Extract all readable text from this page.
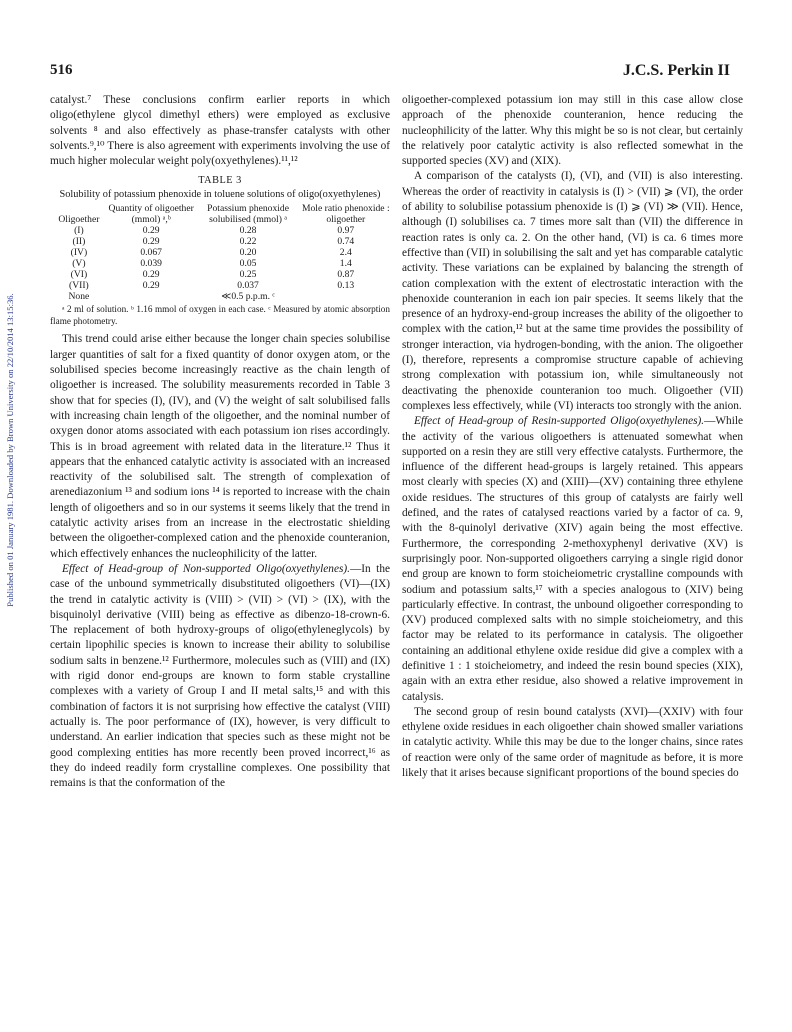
516	J.C.S. Perkin II
Published on 01 January 1981. Downloaded by Brown University on 22/10/2014 13:15:36.

catalyst.⁷ These conclusions confirm earlier reports in which oligo(ethylene glycol dimethyl ethers) were employed as exclusive solvents ⁸ and also effectively as phase-transfer catalysts with other solvents.⁹,¹⁰ There is also agreement with experiments involving the use of much higher molecular weight poly(oxyethylenes).¹¹,¹²

TABLE 3
Solubility of potassium phenoxide in toluene solutions of oligo(oxyethylenes)
Oligoether	Quantity of oligoether (mmol) ᵃ,ᵇ	Potassium phenoxide solubilised (mmol) ᵃ	Mole ratio phenoxide : oligoether
(I)	0.29	0.28	0.97
(II)	0.29	0.22	0.74
(IV)	0.067	0.20	2.4
(V)	0.039	0.05	1.4
(VI)	0.29	0.25	0.87
(VII)	0.29	0.037	0.13
None		≪0.5 p.p.m. ᶜ	
ᵃ 2 ml of solution. ᵇ 1.16 mmol of oxygen in each case. ᶜ Measured by atomic absorption flame photometry.

This trend could arise either because the longer chain species solubilise larger quantities of salt for a fixed quantity of donor oxygen atom, or the solubilised species become increasingly reactive as the chain length of oligoether is increased. The solubility measurements recorded in Table 3 show that for species (I), (IV), and (V) the weight of salt solubilised falls with increasing chain length of the oligoether, and the nominal number of oxygen donor atoms associated with each potassium ion rises accordingly. This is in broad agreement with related data in the literature.¹² Thus it appears that the enhanced catalytic activity is associated with an increased reactivity of the solubilised salt. The strength of complexation of arenediazonium ¹³ and sodium ions ¹⁴ is reported to increase with the chain length of oligoethers and so in our systems it seems likely that the trend in catalytic activity arises from an increase in the electrostatic shielding between the oligoether-complexed cation and the phenoxide counteranion, which effectively enhances the nucleophilicity of the latter.

Effect of Head-group of Non-supported Oligo(oxyethylenes).—In the case of the unbound symmetrically disubstituted oligoethers (VI)—(IX) the trend in catalytic activity is (VIII) > (VII) > (VI) > (IX), with the bisquinolyl derivative (VIII) being as effective as dibenzo-18-crown-6. The replacement of both hydroxy-groups of oligo(ethyleneglycols) by certain lipophilic species is known to increase their ability to solubilise sodium salts in benzene.¹² Furthermore, molecules such as (VIII) and (IX) with rigid donor end-groups are known to form stable crystalline complexes with a variety of Group I and II metal salts,¹⁵ and with this combination of factors it is not surprising how effective the catalyst (VIII) actually is. The poor performance of (IX), however, is very difficult to understand. An earlier indication that species such as these might not be good complexing entities has more recently been proved incorrect,¹⁶ as they do indeed readily form crystalline complexes. One possibility that remains is that the conformation of the

oligoether-complexed potassium ion may still in this case allow close approach of the phenoxide counteranion, hence reducing the nucleophilicity of the latter. Why this might be so is not clear, but certainly the relatively poor catalytic activity is also reflected somewhat in the supported species (XV) and (XIX).

A comparison of the catalysts (I), (VI), and (VII) is also interesting. Whereas the order of reactivity in catalysis is (I) > (VII) ⩾ (VI), the order of ability to solubilise potassium phenoxide is (I) ⩾ (VI) ≫ (VII). Hence, although (I) solubilises ca. 7 times more salt than (VII) the difference in reaction rates is only ca. 2. On the other hand, (VI) is ca. 6 times more effective than (VII) in solubilising the salt and yet has comparable catalytic activity. These variations can be explained by balancing the strength of cation complexation with the extent of electrostatic interaction with the phenoxide counteranion in each ion pair species. It seems likely that the presence of an hydroxy-end-group increases the ability of the oligoether to complex with the cation,¹² but at the same time provides the possibility of stronger interaction, via hydrogen-bonding, with the anion. The oligoether (I), therefore, represents a compromise structure capable of achieving strong complexation with potassium ion, while simultaneously not deactivating the phenoxide counteranion too much. Oligoether (VII) complexes less effectively, while (VI) interacts too strongly with the anion.

Effect of Head-group of Resin-supported Oligo(oxyethylenes).—While the activity of the various oligoethers is attenuated somewhat when supported on a resin they are still very effective catalysts. Furthermore, the influence of the different head-groups is largely retained. This appears most clearly with species (X) and (XIII)—(XV) containing three ethylene oxide residues. The structures of this group of catalysts are fairly well defined, and the rates of catalysed reactions varied by a factor of ca. 9, with the 8-quinolyl derivative (XIV) again being the most effective. Furthermore, the corresponding 2-methoxyphenyl derivative (XV) is surprisingly poor. Non-supported oligoethers carrying a single rigid donor end group are known to form stoicheiometric crystalline compounds with sodium and potassium salts,¹⁷ with a species analogous to (XIV) being particularly effective. In contrast, the unbound oligoether corresponding to (XV) produced complexed salts with no simple stoicheiometry, and this factor may be related to its performance in catalysis. The oligoether containing an additional ethylene oxide residue did give a complex with a definitive 1 : 1 stoicheiometry, and indeed the resin bound species (XIX), again with an extra ether residue, also showed a relative improvement in catalysis.

The second group of resin bound catalysts (XVI)—(XXIV) with four ethylene oxide residues in each oligoether chain showed smaller variations in catalytic activity. While this may be due to the longer chains, since rates of reaction were only of the same order of magnitude as before, it is more likely that it arises because significant proportions of the bound species do
